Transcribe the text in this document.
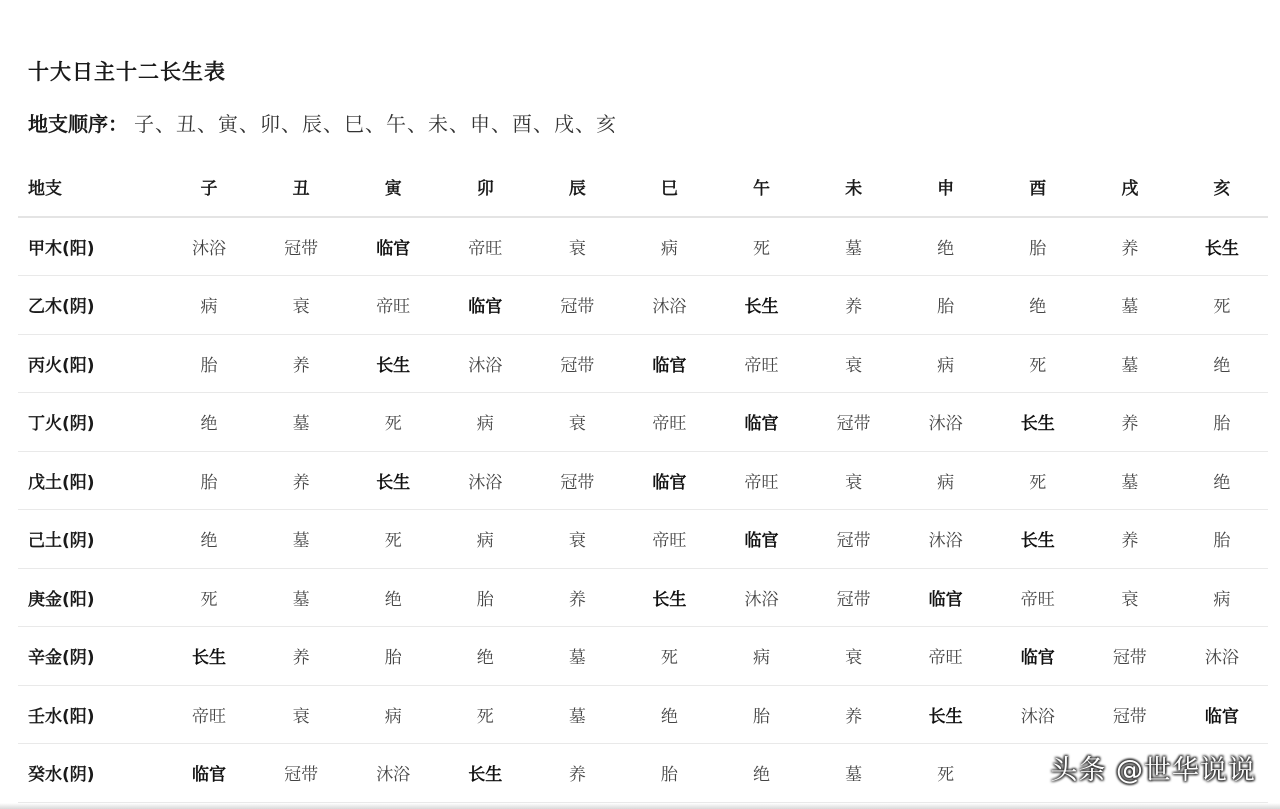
十大日主十二长生表
地支顺序： 子、丑、寅、卯、辰、巳、午、未、申、酉、戌、亥
地支	子	丑	寅	卯	辰	巳	午	未	申	酉	戌	亥
甲木(阳)	沐浴	冠带	临官	帝旺	衰	病	死	墓	绝	胎	养	长生
乙木(阴)	病	衰	帝旺	临官	冠带	沐浴	长生	养	胎	绝	墓	死
丙火(阳)	胎	养	长生	沐浴	冠带	临官	帝旺	衰	病	死	墓	绝
丁火(阴)	绝	墓	死	病	衰	帝旺	临官	冠带	沐浴	长生	养	胎
戊土(阳)	胎	养	长生	沐浴	冠带	临官	帝旺	衰	病	死	墓	绝
己土(阴)	绝	墓	死	病	衰	帝旺	临官	冠带	沐浴	长生	养	胎
庚金(阳)	死	墓	绝	胎	养	长生	沐浴	冠带	临官	帝旺	衰	病
辛金(阴)	长生	养	胎	绝	墓	死	病	衰	帝旺	临官	冠带	沐浴
壬水(阳)	帝旺	衰	病	死	墓	绝	胎	养	长生	沐浴	冠带	临官
癸水(阴)	临官	冠带	沐浴	长生	养	胎	绝	墓	死				头条 @世华说说
